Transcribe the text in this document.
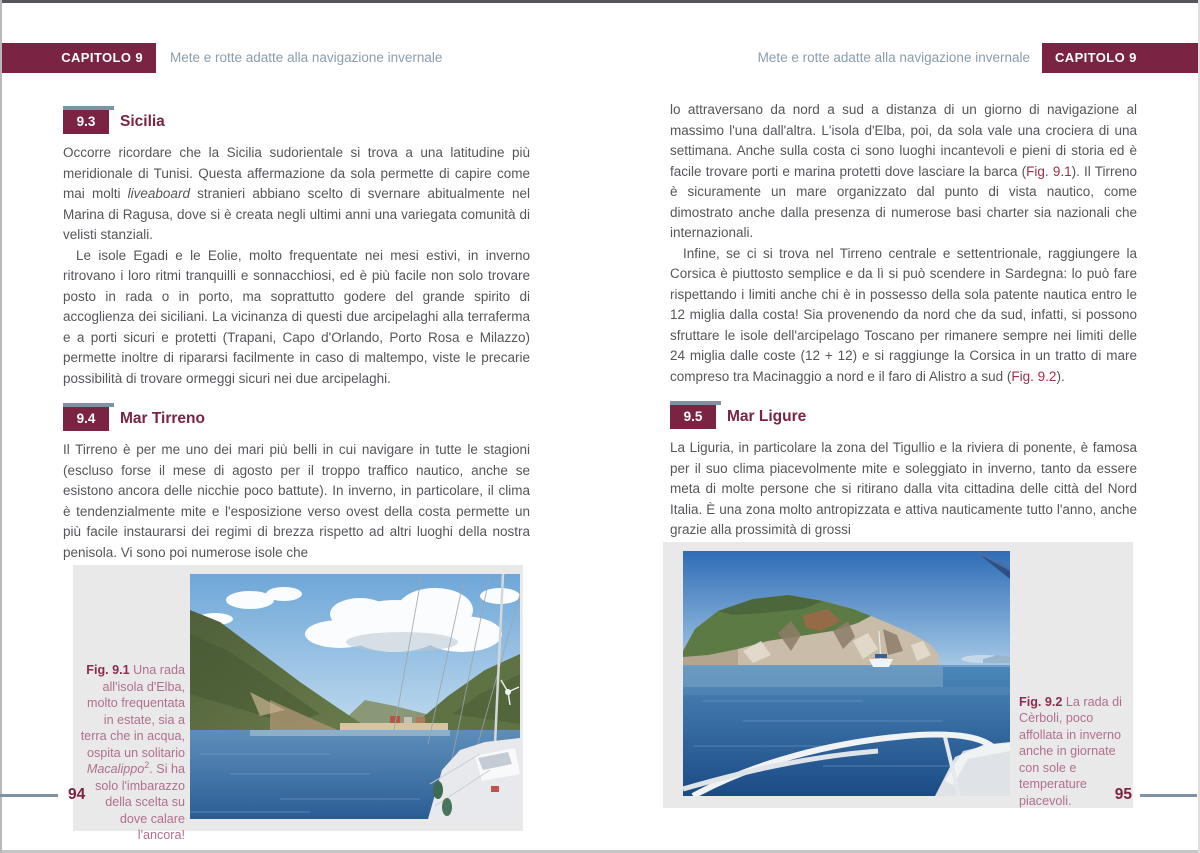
CAPITOLO 9	Mete e rotte adatte alla navigazione invernale	Mete e rotte adatte alla navigazione invernale	CAPITOLO 9
9.3	Sicilia

Occorre ricordare che la Sicilia sudorientale si trova a una latitudine più meridionale di Tunisi. Questa affermazione da sola permette di capire come mai molti liveaboard stranieri abbiano scelto di svernare abitualmente nel Marina di Ragusa, dove si è creata negli ultimi anni una variegata comunità di velisti stanziali.

Le isole Egadi e le Eolie, molto frequentate nei mesi estivi, in inverno ritrovano i loro ritmi tranquilli e sonnacchiosi, ed è più facile non solo trovare posto in rada o in porto, ma soprattutto godere del grande spirito di accoglienza dei siciliani. La vicinanza di questi due arcipelaghi alla terraferma e a porti sicuri e protetti (Trapani, Capo d'Orlando, Porto Rosa e Milazzo) permette inoltre di ripararsi facilmente in caso di maltempo, viste le precarie possibilità di trovare ormeggi sicuri nei due arcipelaghi.

9.4	Mar Tirreno

Il Tirreno è per me uno dei mari più belli in cui navigare in tutte le stagioni (escluso forse il mese di agosto per il troppo traffico nautico, anche se esistono ancora delle nicchie poco battute). In inverno, in particolare, il clima è tendenzialmente mite e l'esposizione verso ovest della costa permette un più facile instaurarsi dei regimi di brezza rispetto ad altri luoghi della nostra penisola. Vi sono poi numerose isole che

Fig. 9.1 Una rada all'isola d'Elba, molto frequentata in estate, sia a terra che in acqua, ospita un solitario Macalippo$^2$. Si ha solo l'imbarazzo della scelta su dove calare l'ancora!

lo attraversano da nord a sud a distanza di un giorno di navigazione al massimo l'una dall'altra. L'isola d'Elba, poi, da sola vale una crociera di una settimana. Anche sulla costa ci sono luoghi incantevoli e pieni di storia ed è facile trovare porti e marina protetti dove lasciare la barca (Fig. 9.1). Il Tirreno è sicuramente un mare organizzato dal punto di vista nautico, come dimostrato anche dalla presenza di numerose basi charter sia nazionali che internazionali.

Infine, se ci si trova nel Tirreno centrale e settentrionale, raggiungere la Corsica è piuttosto semplice e da lì si può scendere in Sardegna: lo può fare rispettando i limiti anche chi è in possesso della sola patente nautica entro le 12 miglia dalla costa! Sia provenendo da nord che da sud, infatti, si possono sfruttare le isole dell'arcipelago Toscano per rimanere sempre nei limiti delle 24 miglia dalle coste (12 + 12) e si raggiunge la Corsica in un tratto di mare compreso tra Macinaggio a nord e il faro di Alistro a sud (Fig. 9.2).

9.5	Mar Ligure

La Liguria, in particolare la zona del Tigullio e la riviera di ponente, è famosa per il suo clima piacevolmente mite e soleggiato in inverno, tanto da essere meta di molte persone che si ritirano dalla vita cittadina delle città del Nord Italia. È una zona molto antropizzata e attiva nauticamente tutto l'anno, anche grazie alla prossimità di grossi

Fig. 9.2 La rada di Cèrboli, poco affollata in inverno anche in giornate con sole e temperature piacevoli.
94	95
